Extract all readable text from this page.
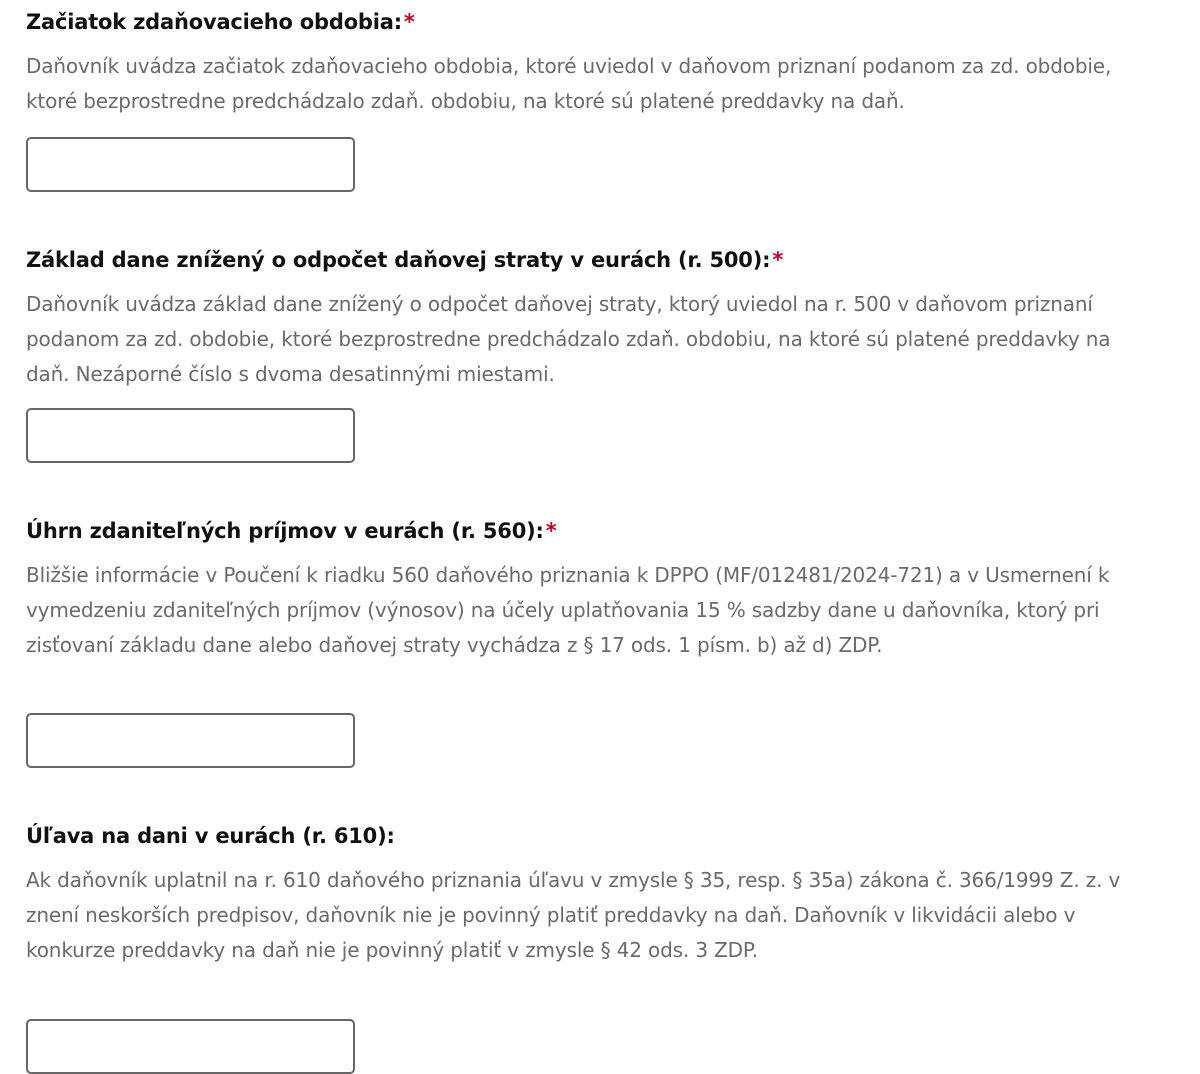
Začiatok zdaňovacieho obdobia:*

Daňovník uvádza začiatok zdaňovacieho obdobia, ktoré uviedol v daňovom priznaní podanom za zd. obdobie, ktoré bezprostredne predchádzalo zdaň. obdobiu, na ktoré sú platené preddavky na daň.

Základ dane znížený o odpočet daňovej straty v eurách (r. 500):*

Daňovník uvádza základ dane znížený o odpočet daňovej straty, ktorý uviedol na r. 500 v daňovom priznaní podanom za zd. obdobie, ktoré bezprostredne predchádzalo zdaň. obdobiu, na ktoré sú platené preddavky na daň. Nezáporné číslo s dvoma desatinnými miestami.

Úhrn zdaniteľných príjmov v eurách (r. 560):*

Bližšie informácie v Poučení k riadku 560 daňového priznania k DPPO (MF/012481/2024-721) a v Usmernení k vymedzeniu zdaniteľných príjmov (výnosov) na účely uplatňovania 15 % sadzby dane u daňovníka, ktorý pri zisťovaní základu dane alebo daňovej straty vychádza z § 17 ods. 1 písm. b) až d) ZDP.

Úľava na dani v eurách (r. 610):

Ak daňovník uplatnil na r. 610 daňového priznania úľavu v zmysle § 35, resp. § 35a) zákona č. 366/1999 Z. z. v znení neskorších predpisov, daňovník nie je povinný platiť preddavky na daň. Daňovník v likvidácii alebo v konkurze preddavky na daň nie je povinný platiť v zmysle § 42 ods. 3 ZDP.
